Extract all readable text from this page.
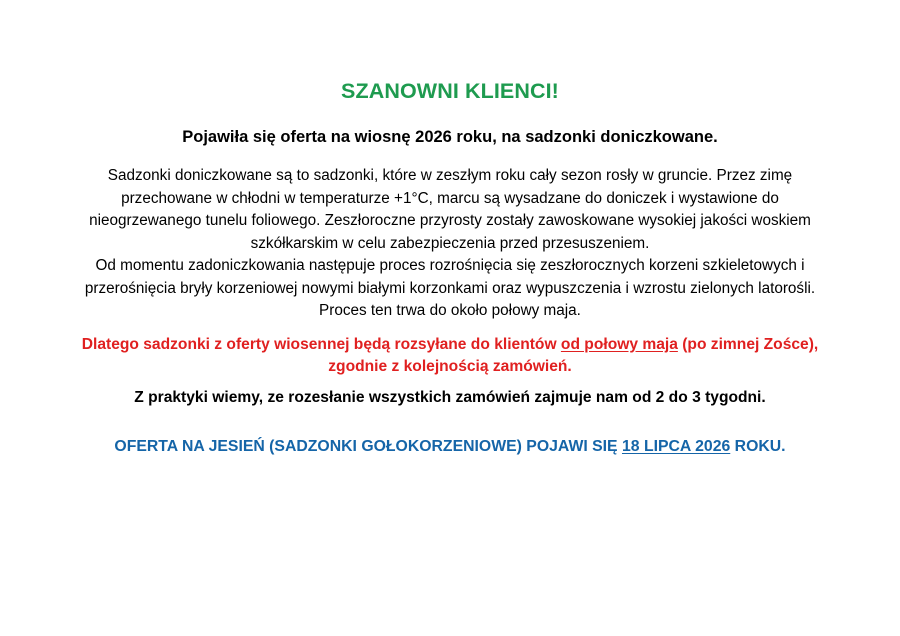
SZANOWNI KLIENCI!

Pojawiła się oferta na wiosnę 2026 roku, na sadzonki doniczkowane.

Sadzonki doniczkowane są to sadzonki, które w zeszłym roku cały sezon rosły w gruncie. Przez zimę przechowane w chłodni w temperaturze +1°C, marcu są wysadzane do doniczek i wystawione do nieogrzewanego tunelu foliowego. Zeszłoroczne przyrosty zostały zawoskowane wysokiej jakości woskiem szkółkarskim w celu zabezpieczenia przed przesuszeniem.

Od momentu zadoniczkowania następuje proces rozrośnięcia się zeszłorocznych korzeni szkieletowych i przerośnięcia bryły korzeniowej nowymi białymi korzonkami oraz wypuszczenia i wzrostu zielonych latorośli. Proces ten trwa do około połowy maja.

Dlatego sadzonki z oferty wiosennej będą rozsyłane do klientów od połowy maja (po zimnej Zośce), zgodnie z kolejnością zamówień.

Z praktyki wiemy, ze rozesłanie wszystkich zamówień zajmuje nam od 2 do 3 tygodni.

OFERTA NA JESIEŃ (SADZONKI GOŁOKORZENIOWE) POJAWI SIĘ 18 LIPCA 2026 ROKU.
